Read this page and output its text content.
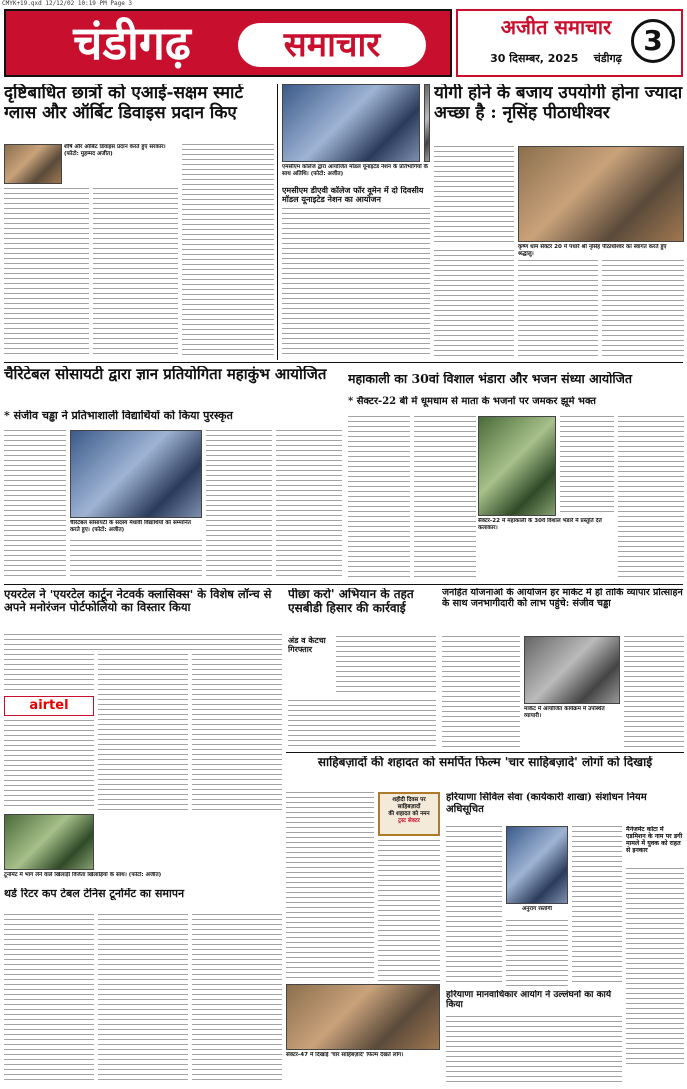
CMYK+19.qxd 12/12/02 10:19 PM Page 3
चंडीगढ़	समाचार	अजीत समाचार
30 दिसम्बर, 2025 चंडीगढ़
3
दृष्टिबाधित छात्रों को एआई-सक्षम स्मार्ट ग्लास और ऑर्बिट डिवाइस प्रदान किए
शीर्ष और ऑर्बिट डिवाइस प्रदान करते हुए सरकार। (फोटो: मुहम्मद अजीत)
एमसीएम कॉलेज द्वारा आयोजित मॉडल यूनाइटेड नेशन के प्रतिभागियों के साथ अतिथि। (फोटो: अजीत)
एमसीएम डीएवी कॉलेज फॉर वूमेन में दो दिवसीय मॉडल यूनाइटेड नेशन का आयोजन
योगी होने के बजाय उपयोगी होना ज्यादा अच्छा है : नृसिंह पीठाधीश्वर
कृष्ण धाम सेक्टर 20 में पधारे श्री नृसिंह पीठाधीश्वर का स्वागत करते हुए श्रद्धालु।
चैरिटेबल सोसायटी द्वारा ज्ञान प्रतियोगिता महाकुंभ आयोजित
* संजीव चड्ढा ने प्रतिभाशाली विद्यार्थियों को किया पुरस्कृत
चैरिटेबल सोसायटी के सदस्य मेधावी विद्यार्थियों को सम्मानित करते हुए। (फोटो: अजीत)
महाकाली का 30वां विशाल भंडारा और भजन संध्या आयोजित
* सैक्टर-22 बी में धूमधाम से माता के भजनों पर जमकर झूमे भक्त
सैक्टर-22 में महाकाली के 30वें विशाल भंडारे में प्रस्तुति देते कलाकार।
एयरटेल ने 'एयरटेल कार्टून नेटवर्क क्लासिक्स' के विशेष लॉन्च से अपने मनोरंजन पोर्टफोलियो का विस्तार किया
airtel
पीछा करो' अभियान के तहत एसबीडी हिसार की कार्रवाई
अंड व केटचा गिरफ्तार
जनहित योजनाओं के आयोजन हर मार्केट में हो ताकि व्यापार प्रोत्साहन के साथ जनभागीदारी को लाभ पहुंचे: संजीव चड्ढा
मार्केट में आयोजित कार्यक्रम में उपस्थित व्यापारी।
साहिबज़ादों की शहादत को समर्पित फिल्म 'चार साहिबज़ादे' लोगों को दिखाई
टूर्नामेंट में भाग लेने वाले खिलाड़ी विजेता खिलाड़ियों के साथ। (फोटो: अजीत)
थर्ड रिटर कप टेबल टेनिस टूर्नामेंट का समापन
शहीदी दिवस पर साहिबज़ादों
की शहादत को नमन
ट्रस्ट सेक्टर
सेक्टर-47 में दिखाई 'चार साहिबज़ादे' फिल्म देखते लोग।
हरियाणा सिविल सेवा (कार्यकारी शाखा) संशोधन नियम अधिसूचित
अनुराग रस्तोगी
मैनेजमेंट कोटा में एडमिशन के नाम पर डगी मामले में युवक को राहत से इनकार
हरियाणा मानवाधिकार आयोग ने उल्लंघनों का कार्य किया
